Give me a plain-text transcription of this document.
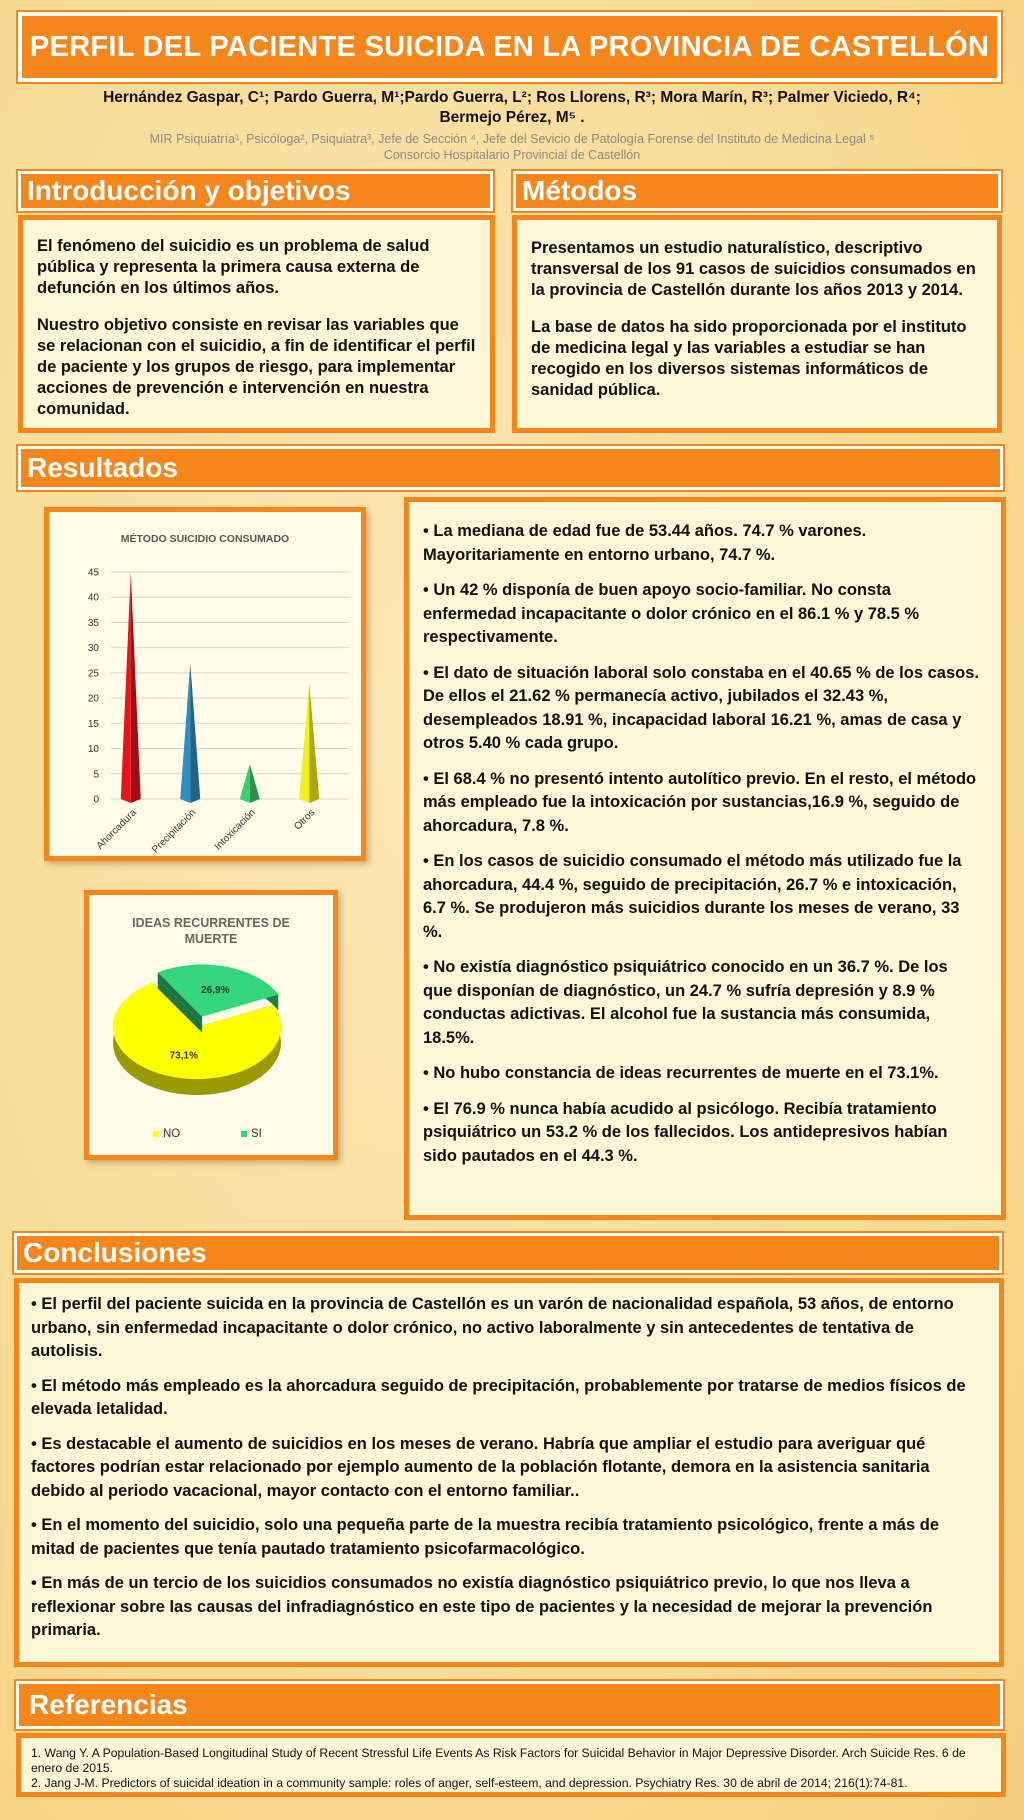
PERFIL DEL PACIENTE SUICIDA EN LA PROVINCIA DE CASTELLÓN
Hernández Gaspar, C¹; Pardo Guerra, M¹;Pardo Guerra, L²; Ros Llorens, R³; Mora Marín, R³; Palmer Viciedo, R⁴;
Bermejo Pérez, M⁵ .
MIR Psiquiatría¹, Psicóloga², Psiquiatra³, Jefe de Sección ⁴, Jefe del Sevicio de Patología Forense del Instituto de Medicina Legal ⁵
Consorcio Hospitalario Provincial de Castellón
Introducción y objetivos

El fenómeno del suicidio es un problema de salud pública y representa la primera causa externa de defunción en los últimos años.

Nuestro objetivo consiste en revisar las variables que se relacionan con el suicidio, a fin de identificar el perfil de paciente y los grupos de riesgo, para implementar acciones de prevención e intervención en nuestra comunidad.

Métodos

Presentamos un estudio naturalístico, descriptivo transversal de los 91 casos de suicidios consumados en la provincia de Castellón durante los años 2013 y 2014.

La base de datos ha sido proporcionada por el instituto de medicina legal y las variables a estudiar se han recogido en los diversos sistemas informáticos de sanidad pública.

Resultados
MÉTODO SUICIDIO CONSUMADO
0
5
10
15
20
25
30
35
40
45
Ahorcadura Precipitación Intoxicación	Otros
IDEAS RECURRENTES DE
MUERTE
73,1%
26,9%
NO	SI

• La mediana de edad fue de 53.44 años. 74.7 % varones. Mayoritariamente en entorno urbano, 74.7 %.

• Un 42 % disponía de buen apoyo socio-familiar. No consta enfermedad incapacitante o dolor crónico en el 86.1 % y 78.5 % respectivamente.

• El dato de situación laboral solo constaba en el 40.65 % de los casos. De ellos el 21.62 % permanecía activo, jubilados el 32.43 %, desempleados 18.91 %, incapacidad laboral 16.21 %, amas de casa y otros 5.40 % cada grupo.

• El 68.4 % no presentó intento autolítico previo. En el resto, el método más empleado fue la intoxicación por sustancias,16.9 %, seguido de ahorcadura, 7.8 %.

• En los casos de suicidio consumado el método más utilizado fue la ahorcadura, 44.4 %, seguido de precipitación, 26.7 % e intoxicación, 6.7 %. Se produjeron más suicidios durante los meses de verano, 33 %.

• No existía diagnóstico psiquiátrico conocido en un 36.7 %. De los que disponían de diagnóstico, un 24.7 % sufría depresión y 8.9 % conductas adictivas. El alcohol fue la sustancia más consumida, 18.5%.

• No hubo constancia de ideas recurrentes de muerte en el 73.1%.

• El 76.9 % nunca había acudido al psicólogo. Recibía tratamiento psiquiátrico un 53.2 % de los fallecidos. Los antidepresivos habían sido pautados en el 44.3 %.

Conclusiones

• El perfil del paciente suicida en la provincia de Castellón es un varón de nacionalidad española, 53 años, de entorno urbano, sin enfermedad incapacitante o dolor crónico, no activo laboralmente y sin antecedentes de tentativa de autolisis.

• El método más empleado es la ahorcadura seguido de precipitación, probablemente por tratarse de medios físicos de elevada letalidad.

• Es destacable el aumento de suicidios en los meses de verano. Habría que ampliar el estudio para averiguar qué factores podrían estar relacionado por ejemplo aumento de la población flotante, demora en la asistencia sanitaria debido al periodo vacacional, mayor contacto con el entorno familiar..

• En el momento del suicidio, solo una pequeña parte de la muestra recibía tratamiento psicológico, frente a más de mitad de pacientes que tenía pautado tratamiento psicofarmacológico.

• En más de un tercio de los suicidios consumados no existía diagnóstico psiquiátrico previo, lo que nos lleva a reflexionar sobre las causas del infradiagnóstico en este tipo de pacientes y la necesidad de mejorar la prevención primaria.

Referencias

1. Wang Y. A Population-Based Longitudinal Study of Recent Stressful Life Events As Risk Factors for Suicidal Behavior in Major Depressive Disorder. Arch Suicide Res. 6 de enero de 2015.

2. Jang J-M. Predictors of suicidal ideation in a community sample: roles of anger, self-esteem, and depression. Psychiatry Res. 30 de abril de 2014; 216(1):74-81.
